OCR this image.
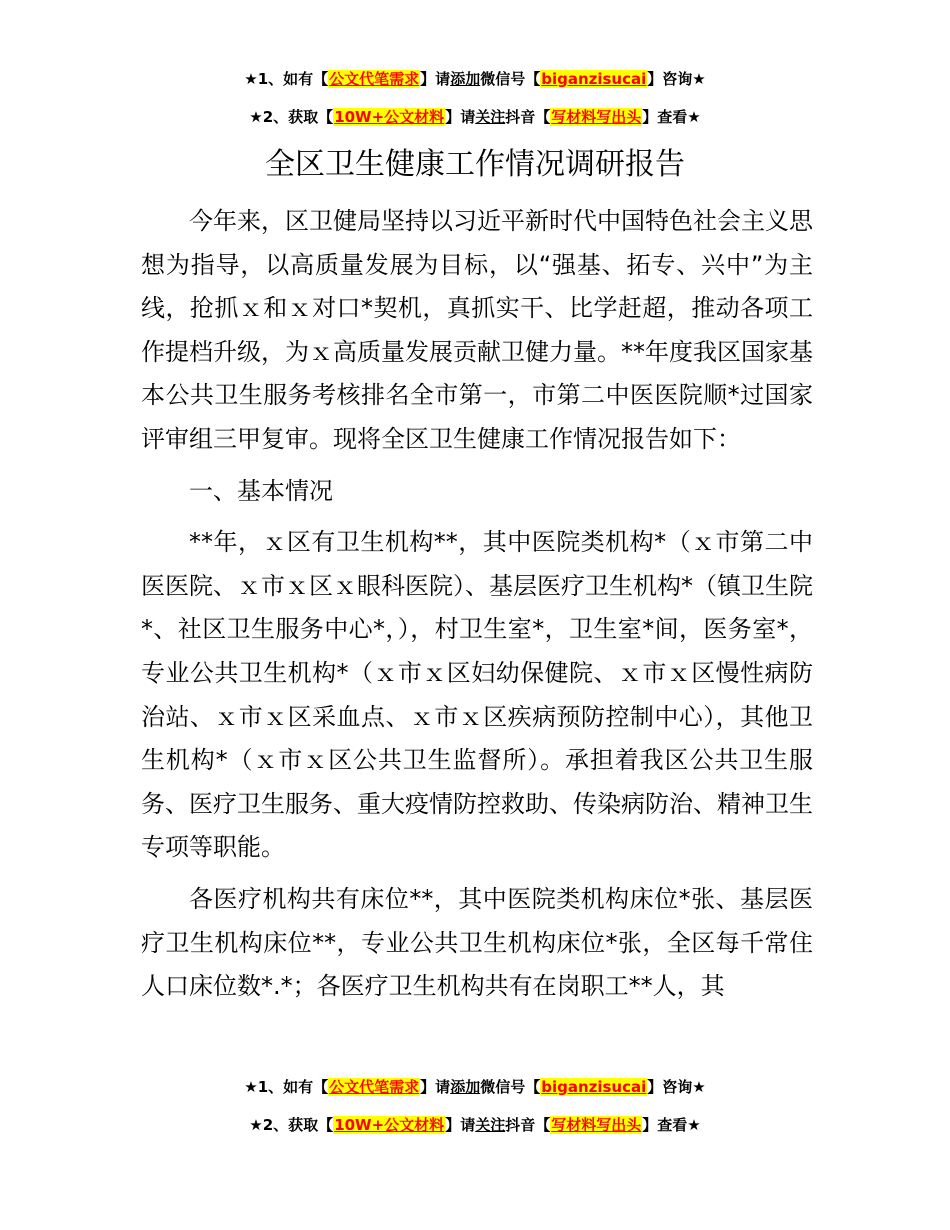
★1、如有【公文代笔需求】请添加微信号【biganzisucai】咨询★
★2、获取【10W+公文材料】请关注抖音【写材料写出头】查看★
全区卫生健康工作情况调研报告

今年来，区卫健局坚持以习近平新时代中国特色社会主义思想为指导，以高质量发展为目标，以“强基、拓专、兴中”为主线，抢抓ｘ和ｘ对口*契机，真抓实干、比学赶超，推动各项工作提档升级，为ｘ高质量发展贡献卫健力量。**年度我区国家基本公共卫生服务考核排名全市第一，市第二中医医院顺*过国家评审组三甲复审。现将全区卫生健康工作情况报告如下：

一、基本情况

**年，ｘ区有卫生机构**，其中医院类机构*（ｘ市第二中医医院、ｘ市ｘ区ｘ眼科医院）、基层医疗卫生机构*（镇卫生院*、社区卫生服务中心*，），村卫生室*，卫生室*间，医务室*，专业公共卫生机构*（ｘ市ｘ区妇幼保健院、ｘ市ｘ区慢性病防治站、ｘ市ｘ区采血点、ｘ市ｘ区疾病预防控制中心），其他卫生机构*（ｘ市ｘ区公共卫生监督所）。承担着我区公共卫生服务、医疗卫生服务、重大疫情防控救助、传染病防治、精神卫生专项等职能。

各医疗机构共有床位**，其中医院类机构床位*张、基层医疗卫生机构床位**，专业公共卫生机构床位*张，全区每千常住人口床位数*.*；各医疗卫生机构共有在岗职工**人，其

★1、如有【公文代笔需求】请添加微信号【biganzisucai】咨询★
★2、获取【10W+公文材料】请关注抖音【写材料写出头】查看★
